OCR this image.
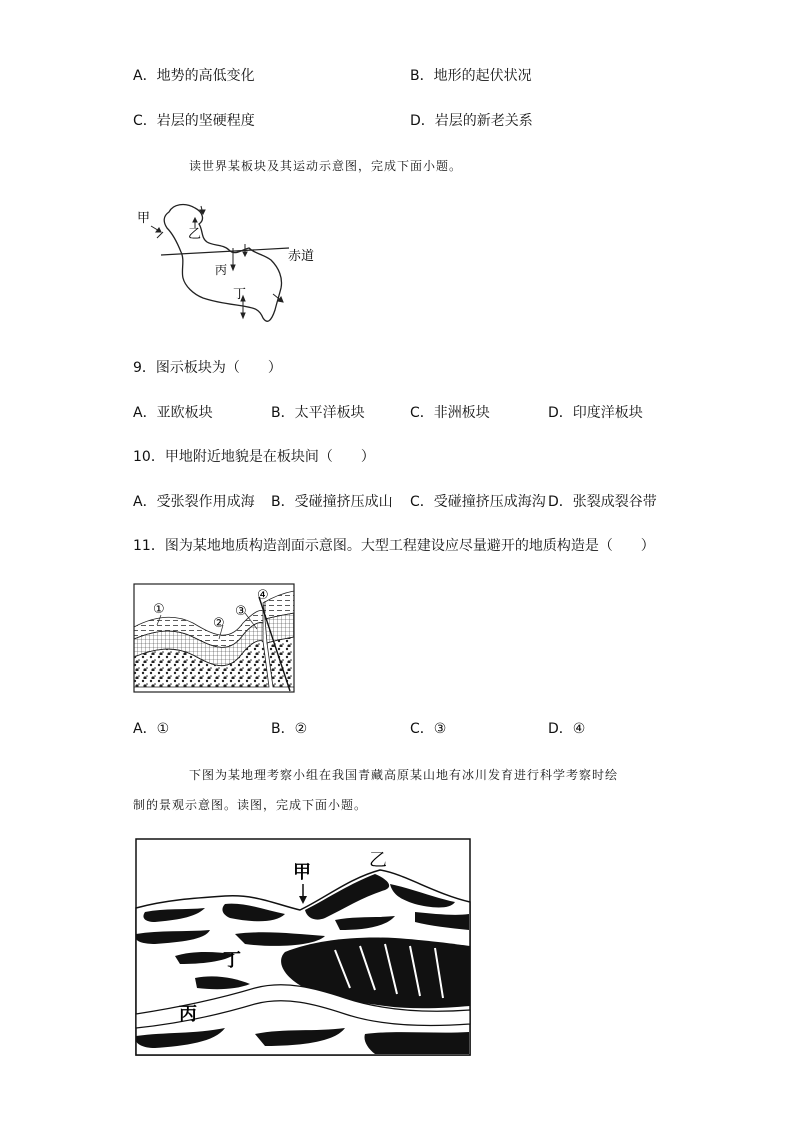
A．地势的高低变化	B．地形的起伏状况
C．岩层的坚硬程度	D．岩层的新老关系
读世界某板块及其运动示意图，完成下面小题。
甲
乙
丙
丁
赤道
9．图示板块为（　　）
A．亚欧板块	B．太平洋板块	C．非洲板块	D．印度洋板块
10．甲地附近地貌是在板块间（　　）
A．受张裂作用成海 B．受碰撞挤压成山 C．受碰撞挤压成海沟 D．张裂成裂谷带
11．图为某地地质构造剖面示意图。大型工程建设应尽量避开的地质构造是（　　）
①
②
③
④
A．①	B．②	C．③	D．④
下图为某地理考察小组在我国青藏高原某山地有冰川发育进行科学考察时绘
制的景观示意图。读图，完成下面小题。
甲
乙
丁
丙
